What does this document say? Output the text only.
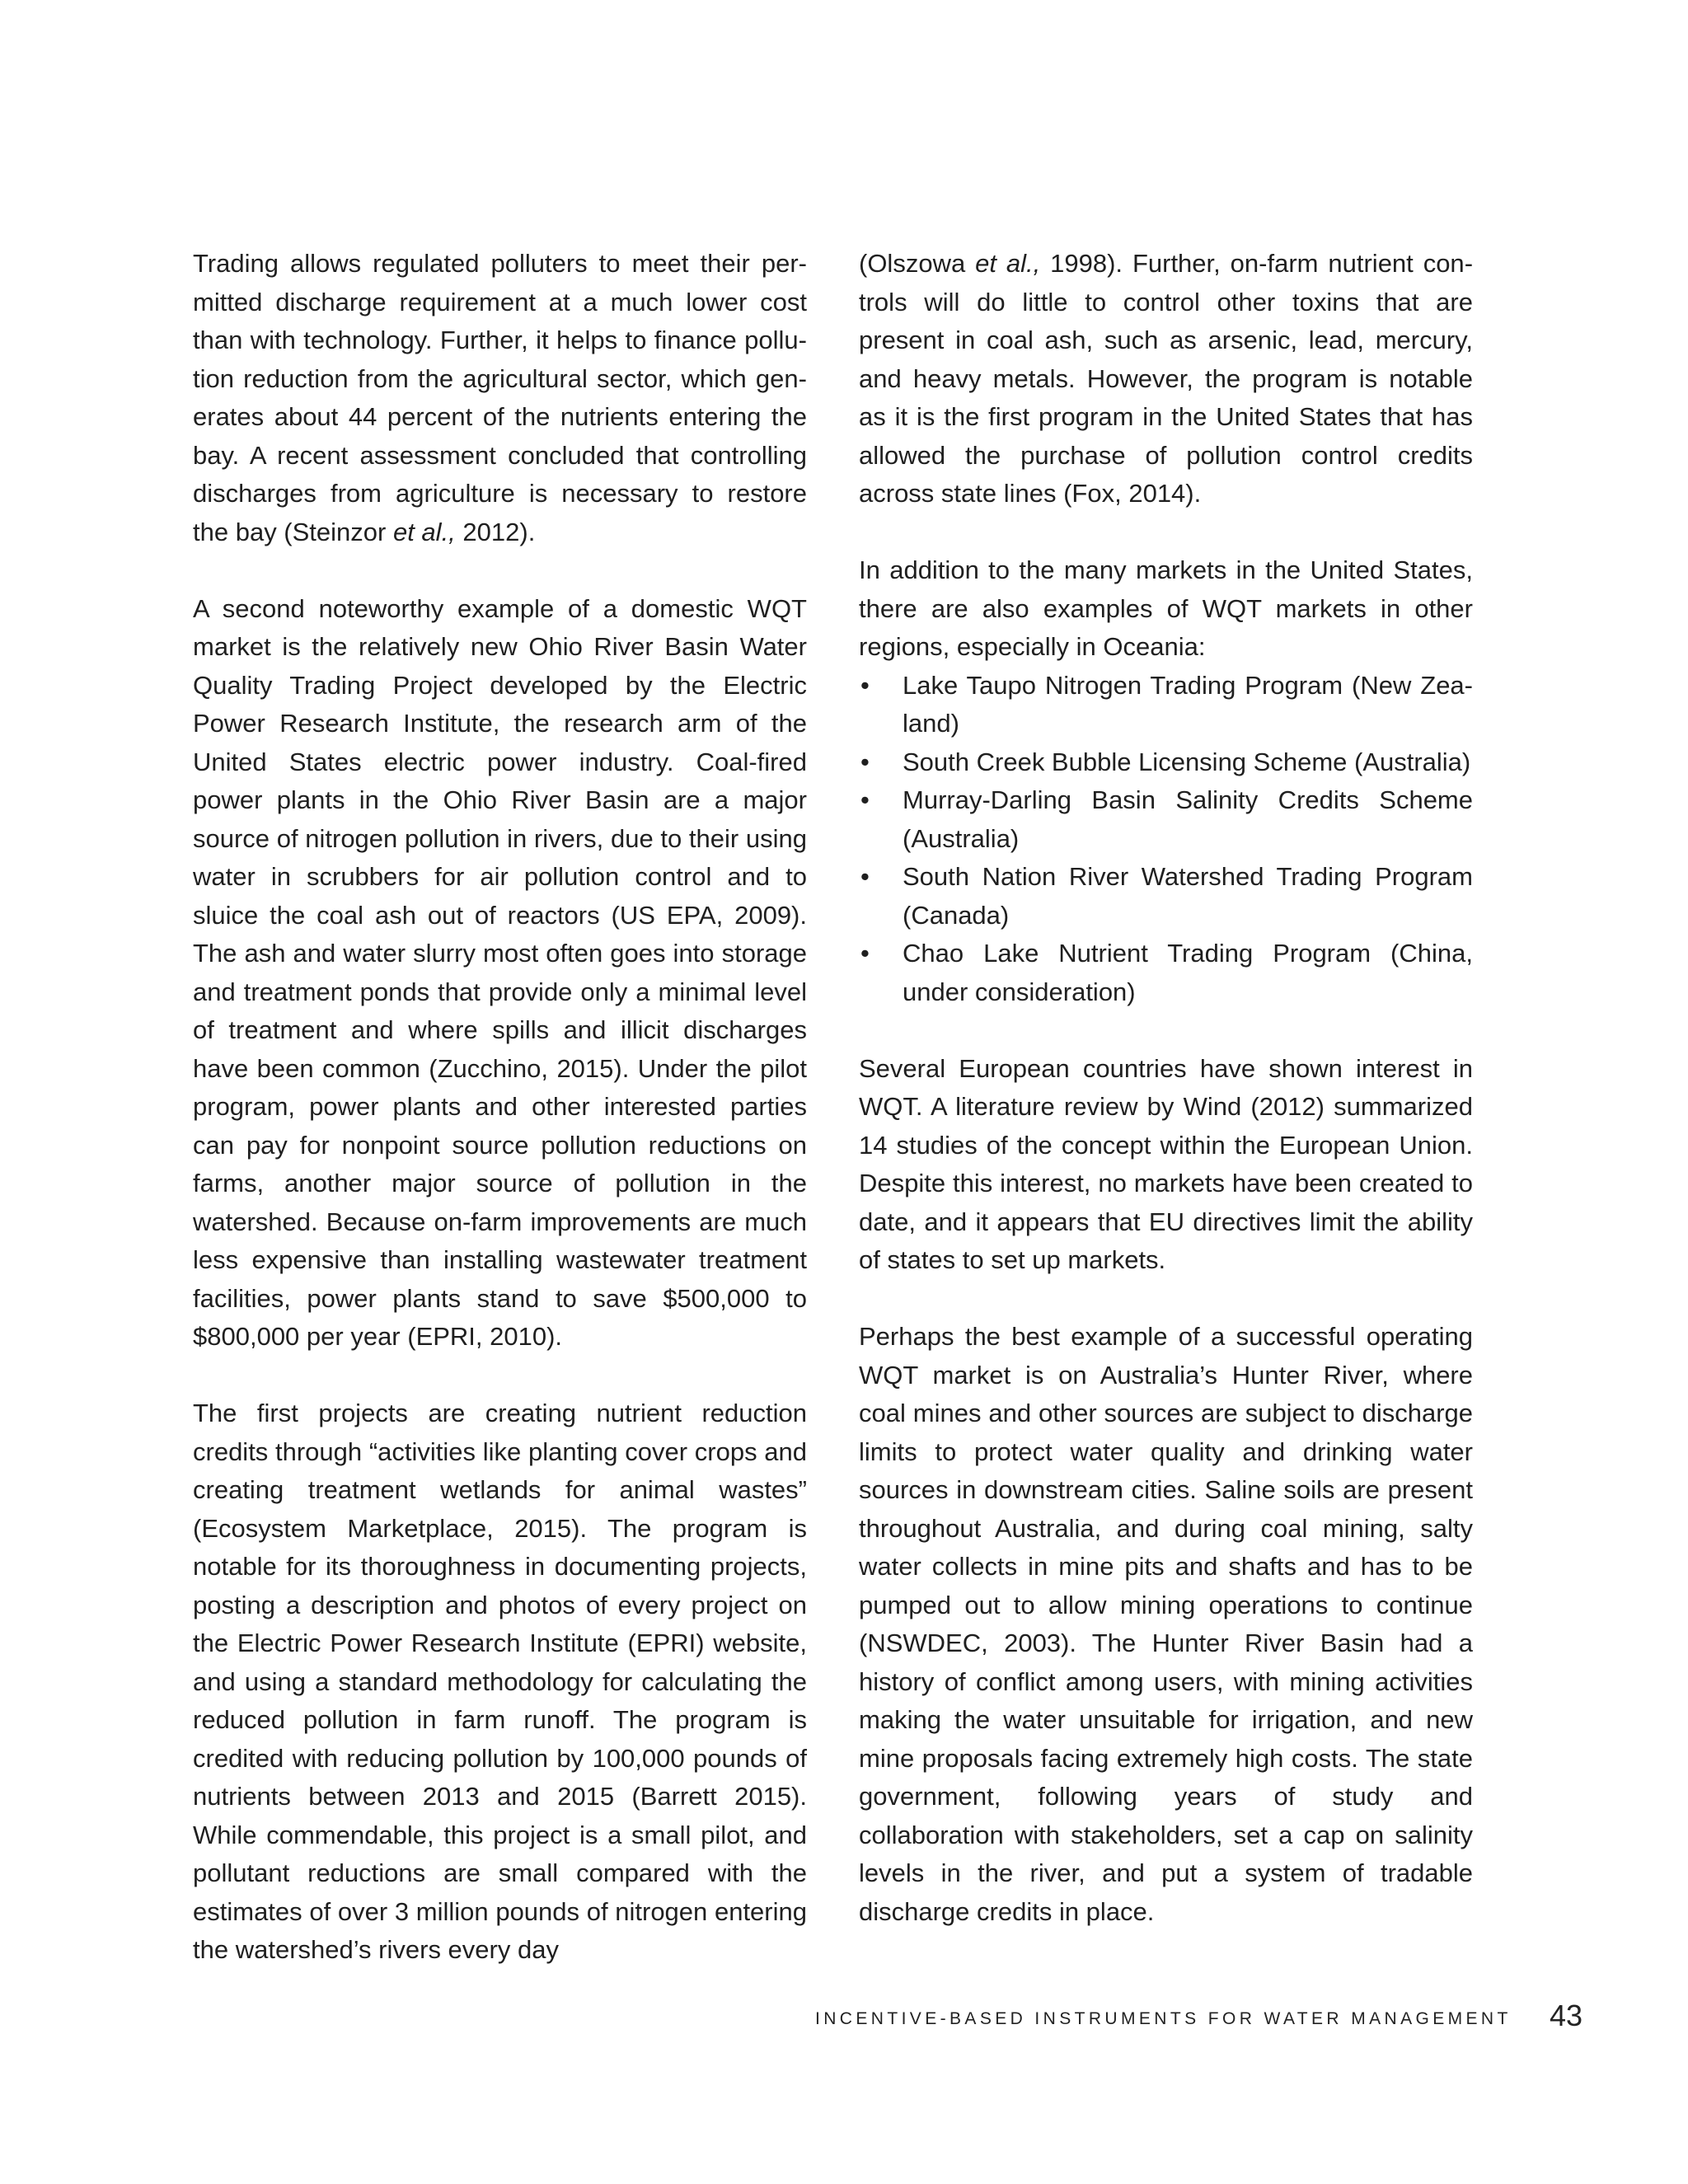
Trading allows regulated polluters to meet their permitted discharge requirement at a much lower cost than with technology. Further, it helps to finance pollution reduction from the agricultural sector, which generates about 44 percent of the nutrients entering the bay. A recent assessment concluded that controlling discharges from agriculture is necessary to restore the bay (Steinzor et al., 2012).

A second noteworthy example of a domestic WQT market is the relatively new Ohio River Basin Water Quality Trading Project developed by the Electric Power Research Institute, the research arm of the United States electric power industry. Coal-fired power plants in the Ohio River Basin are a major source of nitrogen pollution in rivers, due to their using water in scrubbers for air pollution control and to sluice the coal ash out of reactors (US EPA, 2009). The ash and water slurry most often goes into storage and treatment ponds that provide only a minimal level of treatment and where spills and illicit discharges have been common (Zucchino, 2015). Under the pilot program, power plants and other interested parties can pay for nonpoint source pollution reductions on farms, another major source of pollution in the watershed. Because on-farm improvements are much less expensive than installing wastewater treatment facilities, power plants stand to save $500,000 to $800,000 per year (EPRI, 2010).

The first projects are creating nutrient reduction credits through “activities like planting cover crops and creating treatment wetlands for animal wastes” (Ecosystem Marketplace, 2015). The program is notable for its thoroughness in documenting projects, posting a description and photos of every project on the Electric Power Research Institute (EPRI) website, and using a standard methodology for calculating the reduced pollution in farm runoff. The program is credited with reducing pollution by 100,000 pounds of nutrients between 2013 and 2015 (Barrett 2015). While commendable, this project is a small pilot, and pollutant reductions are small compared with the estimates of over 3 million pounds of nitrogen entering the watershed’s rivers every day

(Olszowa et al., 1998). Further, on-farm nutrient controls will do little to control other toxins that are present in coal ash, such as arsenic, lead, mercury, and heavy metals. However, the program is notable as it is the first program in the United States that has allowed the purchase of pollution control credits across state lines (Fox, 2014).

In addition to the many markets in the United States, there are also examples of WQT markets in other regions, especially in Oceania:

• Lake Taupo Nitrogen Trading Program (New Zealand)
• South Creek Bubble Licensing Scheme (Australia)
• Murray-Darling Basin Salinity Credits Scheme (Australia)
• South Nation River Watershed Trading Program (Canada)
• Chao Lake Nutrient Trading Program (China, under consideration)

Several European countries have shown interest in WQT. A literature review by Wind (2012) summarized 14 studies of the concept within the European Union. Despite this interest, no markets have been created to date, and it appears that EU directives limit the ability of states to set up markets.

Perhaps the best example of a successful operating WQT market is on Australia’s Hunter River, where coal mines and other sources are subject to discharge limits to protect water quality and drinking water sources in downstream cities. Saline soils are present throughout Australia, and during coal mining, salty water collects in mine pits and shafts and has to be pumped out to allow mining operations to continue (NSWDEC, 2003). The Hunter River Basin had a history of conflict among users, with mining activities making the water unsuitable for irrigation, and new mine proposals facing extremely high costs. The state government, following years of study and collaboration with stakeholders, set a cap on salinity levels in the river, and put a system of tradable discharge credits in place.

INCENTIVE-BASED INSTRUMENTS FOR WATER MANAGEMENT 43
